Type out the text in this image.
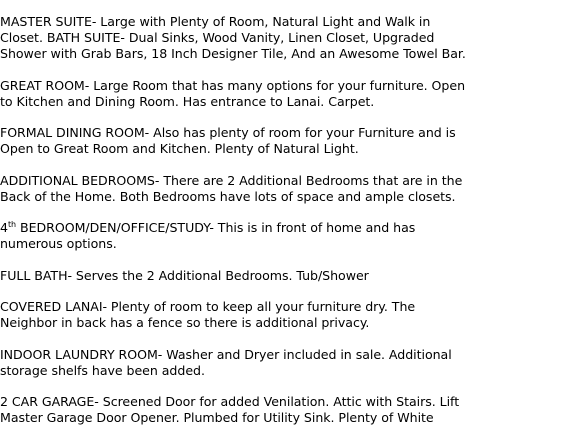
MASTER SUITE- Large with Plenty of Room, Natural Light and Walk in
Closet. BATH SUITE- Dual Sinks, Wood Vanity, Linen Closet, Upgraded
Shower with Grab Bars, 18 Inch Designer Tile, And an Awesome Towel Bar.

GREAT ROOM- Large Room that has many options for your furniture. Open
to Kitchen and Dining Room. Has entrance to Lanai. Carpet.

FORMAL DINING ROOM- Also has plenty of room for your Furniture and is
Open to Great Room and Kitchen. Plenty of Natural Light.

ADDITIONAL BEDROOMS- There are 2 Additional Bedrooms that are in the
Back of the Home. Both Bedrooms have lots of space and ample closets.

4th BEDROOM/DEN/OFFICE/STUDY- This is in front of home and has
numerous options.

FULL BATH- Serves the 2 Additional Bedrooms. Tub/Shower

COVERED LANAI- Plenty of room to keep all your furniture dry. The
Neighbor in back has a fence so there is additional privacy.

INDOOR LAUNDRY ROOM- Washer and Dryer included in sale. Additional
storage shelfs have been added.

2 CAR GARAGE- Screened Door for added Venilation. Attic with Stairs. Lift
Master Garage Door Opener. Plumbed for Utility Sink. Plenty of White
